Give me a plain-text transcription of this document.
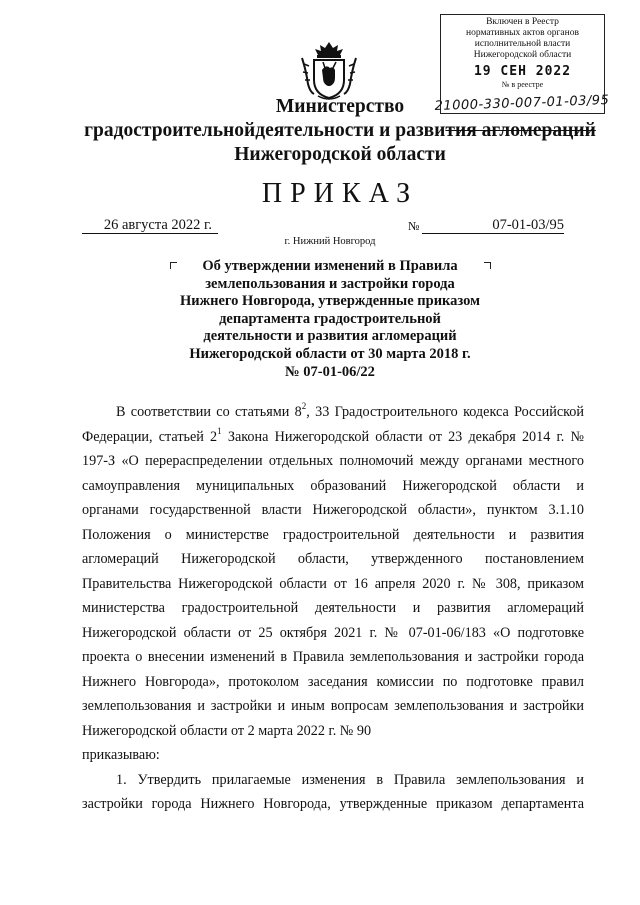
Включен в Реестр
нормативных актов органов
исполнительной власти
Нижегородской области
19 СЕН 2022
№ в реестре
21000-330-007-01-03/95
Министерство
градостроительнойдеятельности и развития агломераций
Нижегородской области
ПРИКАЗ
26 августа 2022 г.	№	07-01-03/95
г. Нижний Новгород
Об утверждении изменений в Правила
землепользования и застройки города
Нижнего Новгорода, утвержденные приказом
департамента градостроительной
деятельности и развития агломераций
Нижегородской области от 30 марта 2018 г.
№ 07-01-06/22
В соответствии со статьями $8^2$, 33 Градостроительного кодекса Российской
Федерации, статьей $2^1$ Закона Нижегородской области от 23 декабря 2014 г. №
197-З «О перераспределении отдельных полномочий между органами местного
самоуправления муниципальных образований Нижегородской области и
органами государственной власти Нижегородской области», пунктом 3.1.10
Положения о министерстве градостроительной деятельности и развития
агломераций Нижегородской области, утвержденного постановлением
Правительства Нижегородской области от 16 апреля 2020 г. № 308, приказом
министерства градостроительной деятельности и развития агломераций
Нижегородской области от 25 октября 2021 г. № 07-01-06/183 «О подготовке
проекта о внесении изменений в Правила землепользования и застройки города
Нижнего Новгорода», протоколом заседания комиссии по подготовке правил
землепользования и застройки и иным вопросам землепользования и застройки
Нижегородской области от 2 марта 2022 г. № 90
приказываю:
1. Утвердить прилагаемые изменения в Правила землепользования и
застройки города Нижнего Новгорода, утвержденные приказом департамента
